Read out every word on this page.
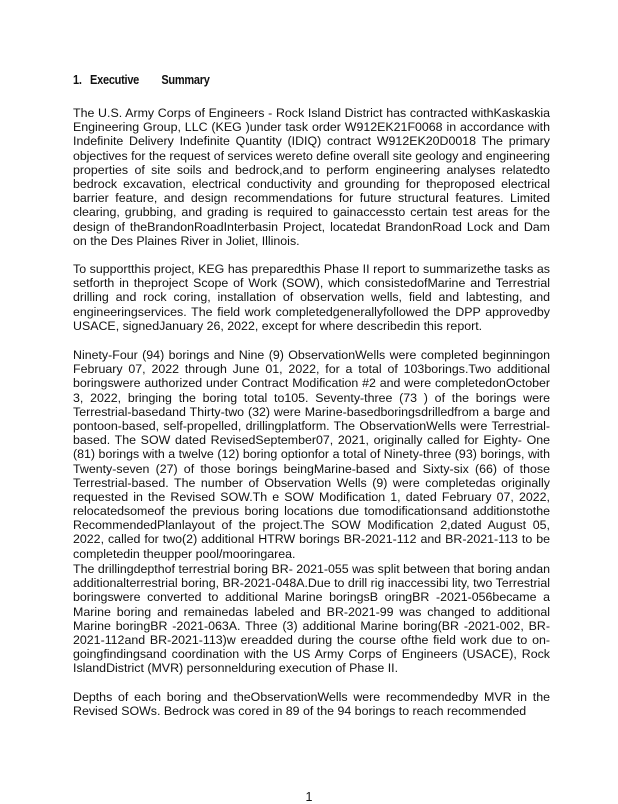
1. Executive        Summary
The U.S. Army Corps of Engineers - Rock Island District has contracted withKaskaskia
Engineering Group, LLC (KEG )under task order W912EK21F0068 in accordance with
Indefinite Delivery Indefinite Quantity (IDIQ) contract W912EK20D0018 The primary
objectives for the request of services wereto define overall site geology and engineering
properties of site soils and bedrock,and to perform engineering analyses relatedto
bedrock excavation, electrical conductivity and grounding for theproposed electrical
barrier feature, and design recommendations for future structural features. Limited
clearing, grubbing, and grading is required to gainaccessto certain test areas for the
design of theBrandonRoadInterbasin Project, locatedat BrandonRoad Lock and Dam
on the Des Plaines River in Joliet, Illinois.
To supportthis project, KEG has preparedthis Phase II report to summarizethe tasks as
setforth in theproject Scope of Work (SOW), which consistedofMarine and Terrestrial
drilling and rock coring, installation of observation wells, field and labtesting, and
engineeringservices. The field work completedgenerallyfollowed the DPP approvedby
USACE, signedJanuary 26, 2022, except for where describedin this report.
Ninety-Four (94) borings and Nine (9) ObservationWells were completed beginningon
February 07, 2022 through June 01, 2022, for a total of 103borings.Two additional
boringswere authorized under Contract Modification #2 and were completedonOctober
3, 2022, bringing the boring total to105. Seventy-three (73 ) of the borings were
Terrestrial-basedand Thirty-two (32) were Marine-basedboringsdrilledfrom a barge and
pontoon-based, self-propelled, drillingplatform. The ObservationWells were Terrestrial-
based. The SOW dated RevisedSeptember07, 2021, originally called for Eighty- One
(81) borings with a twelve (12) boring optionfor a total of Ninety-three (93) borings, with
Twenty-seven (27) of those borings beingMarine-based and Sixty-six (66) of those
Terrestrial-based. The number of Observation Wells (9) were completedas originally
requested in the Revised SOW.Th e SOW Modification 1, dated February 07, 2022,
relocatedsomeof the previous boring locations due tomodificationsand additionstothe
RecommendedPlanlayout of the project.The SOW Modification 2,dated August 05,
2022, called for two(2) additional HTRW borings BR-2021-112 and BR-2021-113 to be
completedin theupper pool/mooringarea.
The drillingdepthof terrestrial boring BR- 2021-055 was split between that boring andan
additionalterrestrial boring, BR-2021-048A.Due to drill rig inaccessibi lity, two Terrestrial
boringswere converted to additional Marine boringsB oringBR -2021-056became a
Marine boring and remainedas labeled and BR-2021-99 was changed to additional
Marine boringBR -2021-063A. Three (3) additional Marine boring(BR -2021-002, BR-
2021-112and BR-2021-113)w ereadded during the course ofthe field work due to on-
goingfindingsand coordination with the US Army Corps of Engineers (USACE), Rock
IslandDistrict (MVR) personnelduring execution of Phase II.
Depths of each boring and theObservationWells were recommendedby MVR in the
Revised SOWs. Bedrock was cored in 89 of the 94 borings to reach recommended
1
